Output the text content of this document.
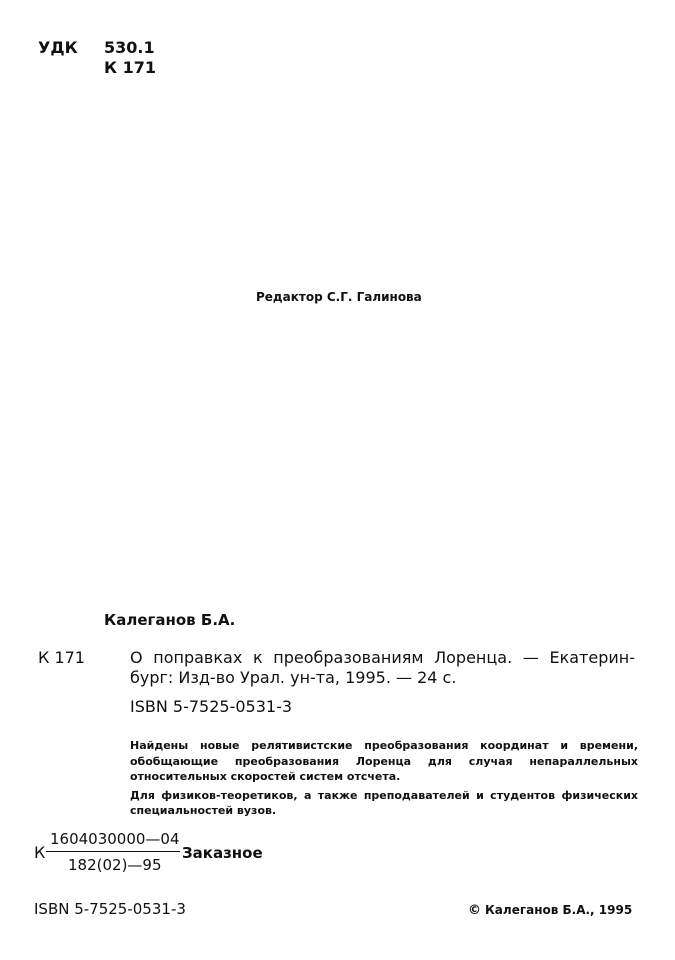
УДК 530.1
К 171
Редактор С.Г. Галинова
Калеганов Б.А.
К 171	О поправках к преобразованиям Лоренца. — Екатерин-
бург: Изд-во Урал. ун-та, 1995. — 24 с.
ISBN 5-7525-0531-3

Найдены новые релятивистские преобразования координат и времени, обобщающие преобразования Лоренца для случая непараллельных относительных скоростей систем отсчета.

Для физиков-теоретиков, а также преподавателей и студентов физических специальностей вузов.

К
1604030000—04
182(02)—95
Заказное
ISBN 5-7525-0531-3	© Калеганов Б.А., 1995
